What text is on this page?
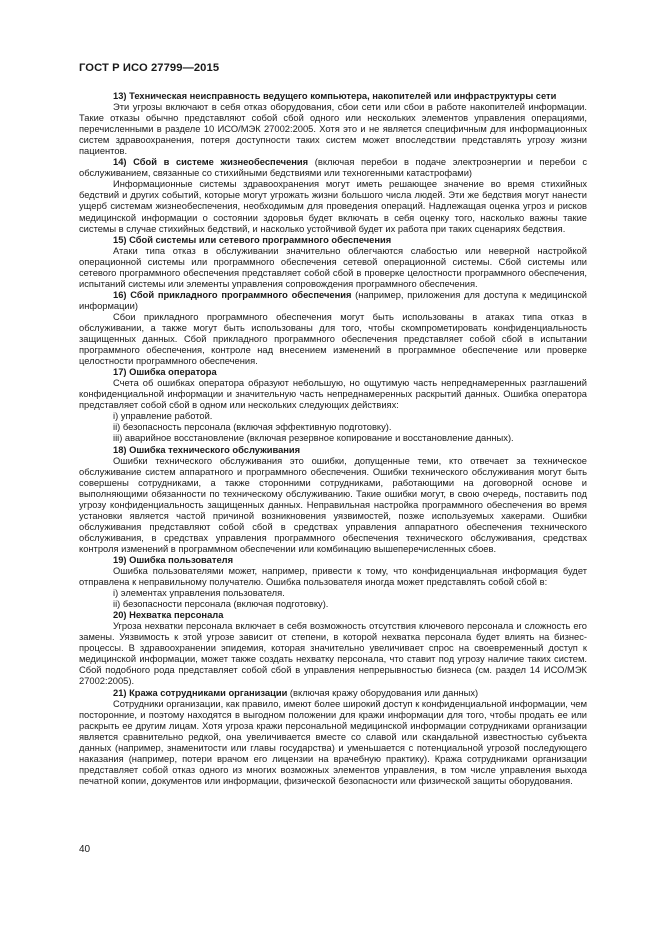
ГОСТ Р ИСО 27799—2015

13) Техническая неисправность ведущего компьютера, накопителей или инфраструктуры сети

Эти угрозы включают в себя отказ оборудования, сбои сети или сбои в работе накопителей информации. Такие отказы обычно представляют собой сбой одного или нескольких элементов управления операциями, перечисленными в разделе 10 ИСО/МЭК 27002:2005. Хотя это и не является специфичным для информационных систем здравоохранения, потеря доступности таких систем может впоследствии представлять угрозу жизни пациентов.

14) Сбой в системе жизнеобеспечения (включая перебои в подаче электроэнергии и перебои с обслуживанием, связанные со стихийными бедствиями или техногенными катастрофами)

Информационные системы здравоохранения могут иметь решающее значение во время стихийных бедствий и других событий, которые могут угрожать жизни большого числа людей. Эти же бедствия могут нанести ущерб системам жизнеобеспечения, необходимым для проведения операций. Надлежащая оценка угроз и рисков медицинской информации о состоянии здоровья будет включать в себя оценку того, насколько важны такие системы в случае стихийных бедствий, и насколько устойчивой будет их работа при таких сценариях бедствия.

15) Сбой системы или сетевого программного обеспечения

Атаки типа отказ в обслуживании значительно облегчаются слабостью или неверной настройкой операционной системы или программного обеспечения сетевой операционной системы. Сбой системы или сетевого программного обеспечения представляет собой сбой в проверке целостности программного обеспечения, испытаний системы или элементы управления сопровождения программного обеспечения.

16) Сбой прикладного программного обеспечения (например, приложения для доступа к медицинской информации)

Сбои прикладного программного обеспечения могут быть использованы в атаках типа отказ в обслуживании, а также могут быть использованы для того, чтобы скомпрометировать конфиденциальность защищенных данных. Сбой прикладного программного обеспечения представляет собой сбой в испытании программного обеспечения, контроле над внесением изменений в программное обеспечение или проверке целостности программного обеспечения.

17) Ошибка оператора

Счета об ошибках оператора образуют небольшую, но ощутимую часть непреднамеренных разглашений конфиденциальной информации и значительную часть непреднамеренных раскрытий данных. Ошибка оператора представляет собой сбой в одном или нескольких следующих действиях:

i) управление работой.

ii) безопасность персонала (включая эффективную подготовку).

iii) аварийное восстановление (включая резервное копирование и восстановление данных).

18) Ошибка технического обслуживания

Ошибки технического обслуживания это ошибки, допущенные теми, кто отвечает за техническое обслуживание систем аппаратного и программного обеспечения. Ошибки технического обслуживания могут быть совершены сотрудниками, а также сторонними сотрудниками, работающими на договорной основе и выполняющими обязанности по техническому обслуживанию. Такие ошибки могут, в свою очередь, поставить под угрозу конфиденциальность защищенных данных. Неправильная настройка программного обеспечения во время установки является частой причиной возникновения уязвимостей, позже используемых хакерами. Ошибки обслуживания представляют собой сбой в средствах управления аппаратного обеспечения технического обслуживания, в средствах управления программного обеспечения технического обслуживания, средствах контроля изменений в программном обеспечении или комбинацию вышеперечисленных сбоев.

19) Ошибка пользователя

Ошибка пользователями может, например, привести к тому, что конфиденциальная информация будет отправлена к неправильному получателю. Ошибка пользователя иногда может представлять собой сбой в:

i) элементах управления пользователя.

ii) безопасности персонала (включая подготовку).

20) Нехватка персонала

Угроза нехватки персонала включает в себя возможность отсутствия ключевого персонала и сложность его замены. Уязвимость к этой угрозе зависит от степени, в которой нехватка персонала будет влиять на бизнес-процессы. В здравоохранении эпидемия, которая значительно увеличивает спрос на своевременный доступ к медицинской информации, может также создать нехватку персонала, что ставит под угрозу наличие таких систем. Сбой подобного рода представляет собой сбой в управления непрерывностью бизнеса (см. раздел 14 ИСО/МЭК 27002:2005).

21) Кража сотрудниками организации (включая кражу оборудования или данных)

Сотрудники организации, как правило, имеют более широкий доступ к конфиденциальной информации, чем посторонние, и поэтому находятся в выгодном положении для кражи информации для того, чтобы продать ее или раскрыть ее другим лицам. Хотя угроза кражи персональной медицинской информации сотрудниками организации является сравнительно редкой, она увеличивается вместе со славой или скандальной известностью субъекта данных (например, знаменитости или главы государства) и уменьшается с потенциальной угрозой последующего наказания (например, потери врачом его лицензии на врачебную практику). Кража сотрудниками организации представляет собой отказ одного из многих возможных элементов управления, в том числе управления выхода печатной копии, документов или информации, физической безопасности или физической защиты оборудования.

40
